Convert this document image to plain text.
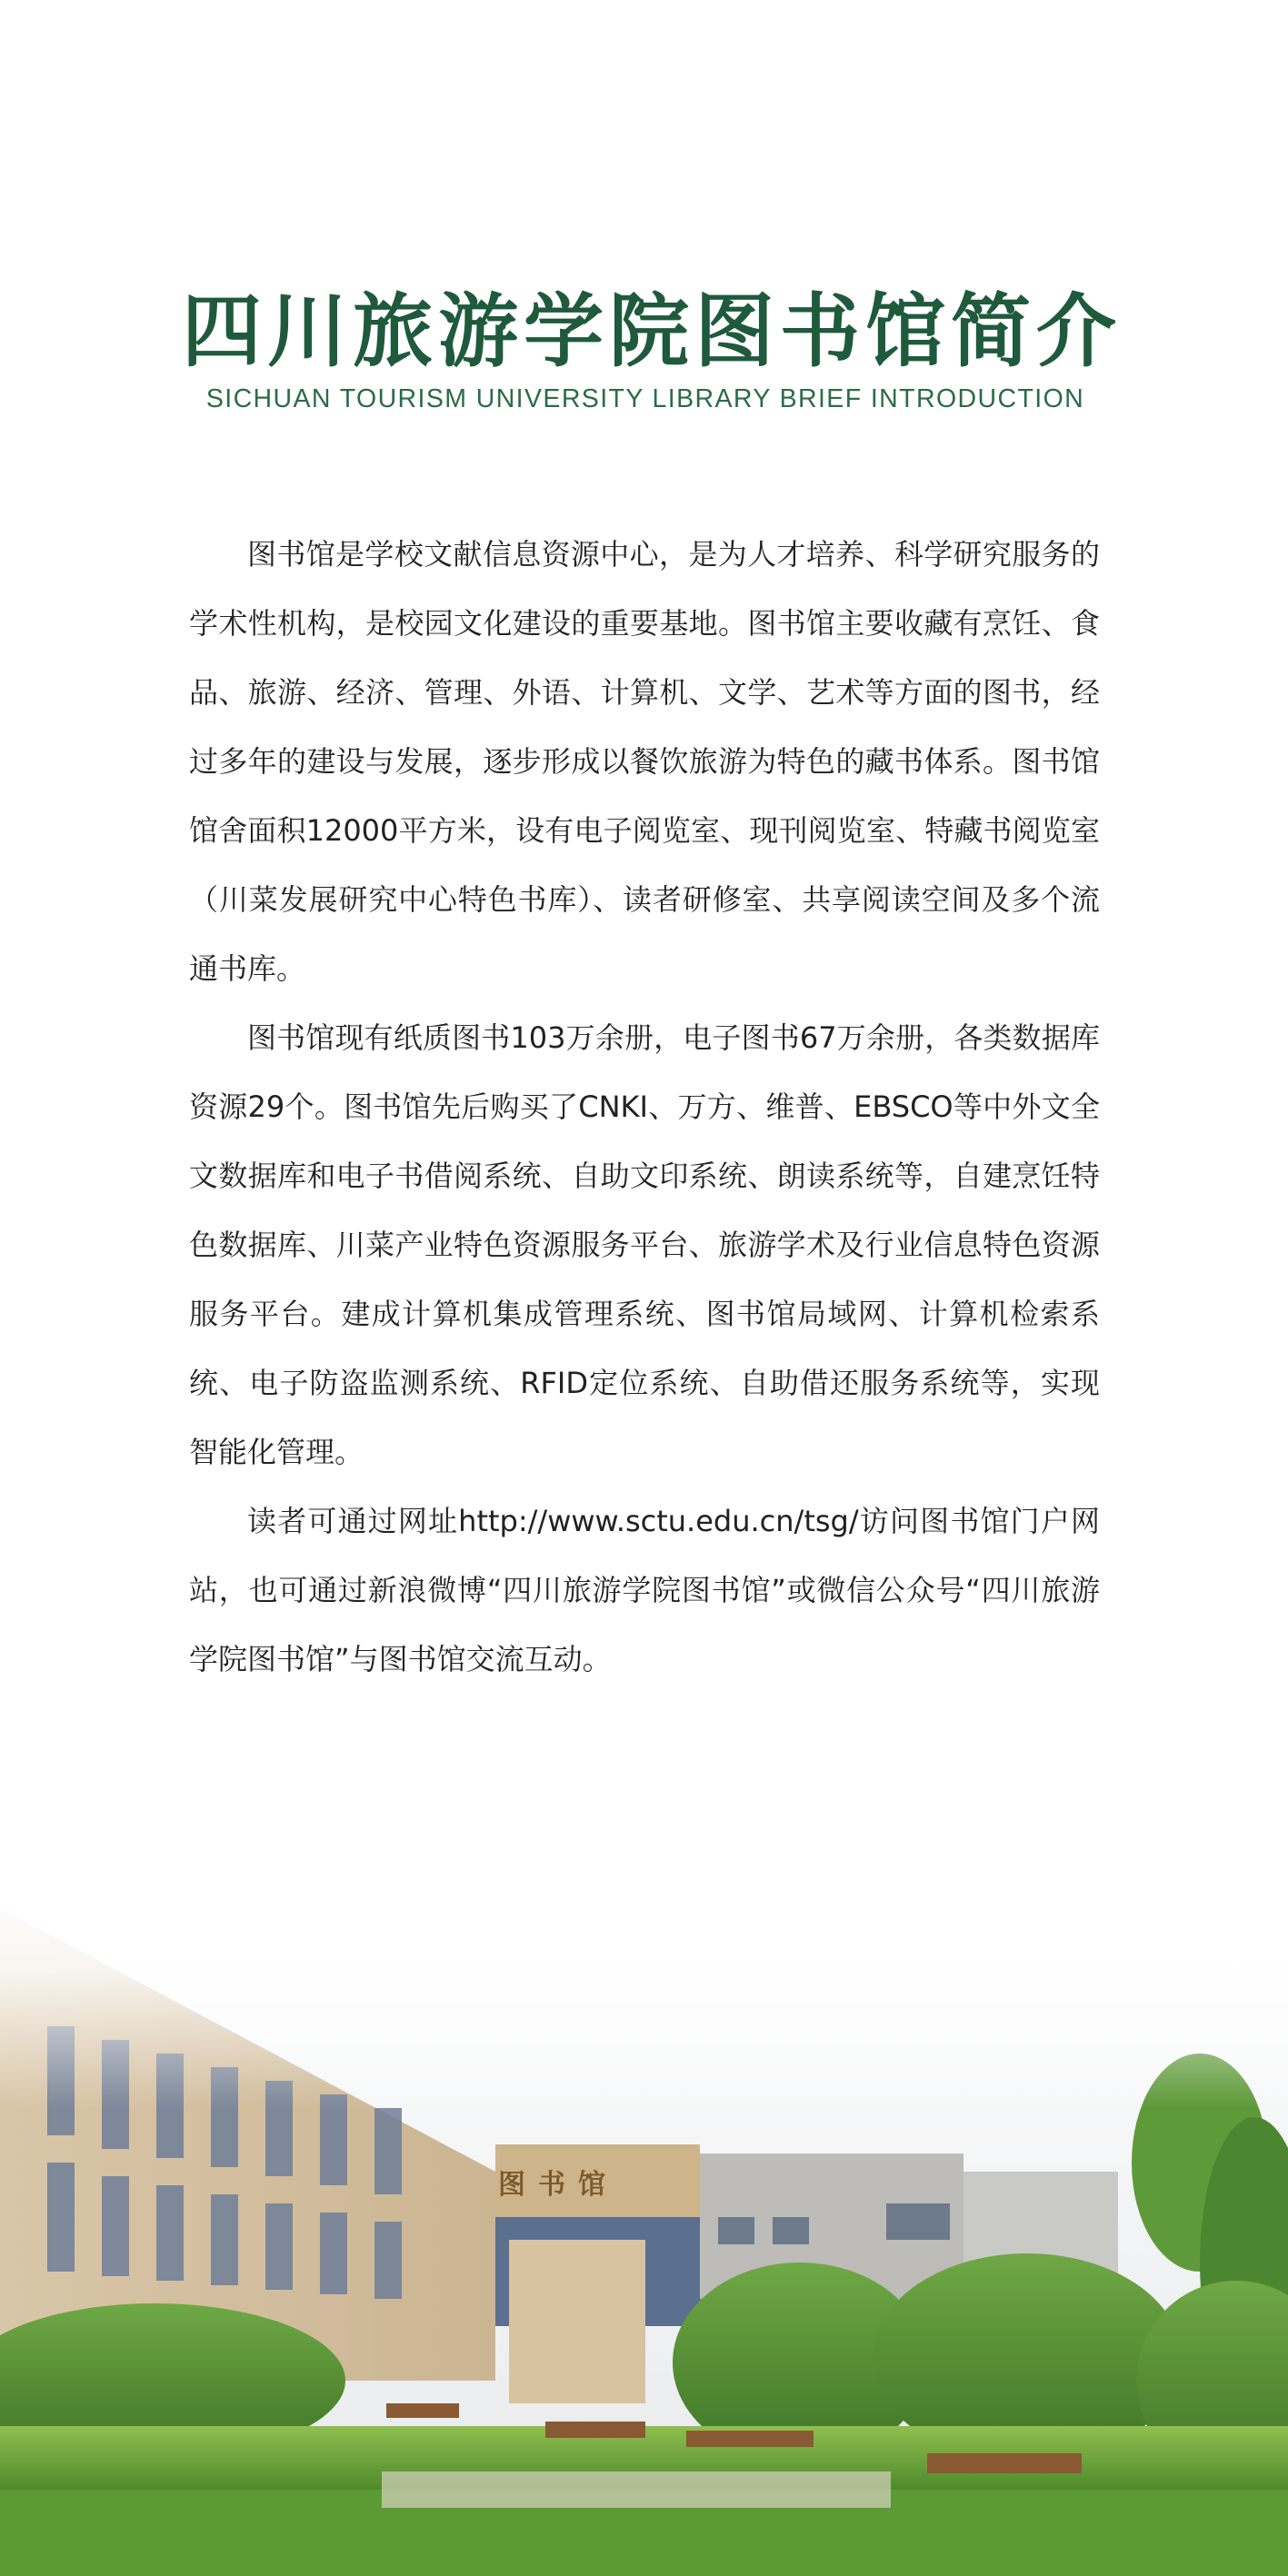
四川旅游学院图书馆简介
SICHUAN TOURISM UNIVERSITY LIBRARY BRIEF INTRODUCTION

图书馆是学校文献信息资源中心，是为人才培养、科学研究服务的学术性机构，是校园文化建设的重要基地。图书馆主要收藏有烹饪、食品、旅游、经济、管理、外语、计算机、文学、艺术等方面的图书，经过多年的建设与发展，逐步形成以餐饮旅游为特色的藏书体系。图书馆馆舍面积12000平方米，设有电子阅览室、现刊阅览室、特藏书阅览室（川菜发展研究中心特色书库）、读者研修室、共享阅读空间及多个流通书库。

图书馆现有纸质图书103万余册，电子图书67万余册，各类数据库资源29个。图书馆先后购买了CNKI、万方、维普、EBSCO等中外文全文数据库和电子书借阅系统、自助文印系统、朗读系统等，自建烹饪特色数据库、川菜产业特色资源服务平台、旅游学术及行业信息特色资源服务平台。建成计算机集成管理系统、图书馆局域网、计算机检索系统、电子防盗监测系统、RFID定位系统、自助借还服务系统等，实现智能化管理。

读者可通过网址http://www.sctu.edu.cn/tsg/访问图书馆门户网站，也可通过新浪微博“四川旅游学院图书馆”或微信公众号“四川旅游学院图书馆”与图书馆交流互动。

图书馆
